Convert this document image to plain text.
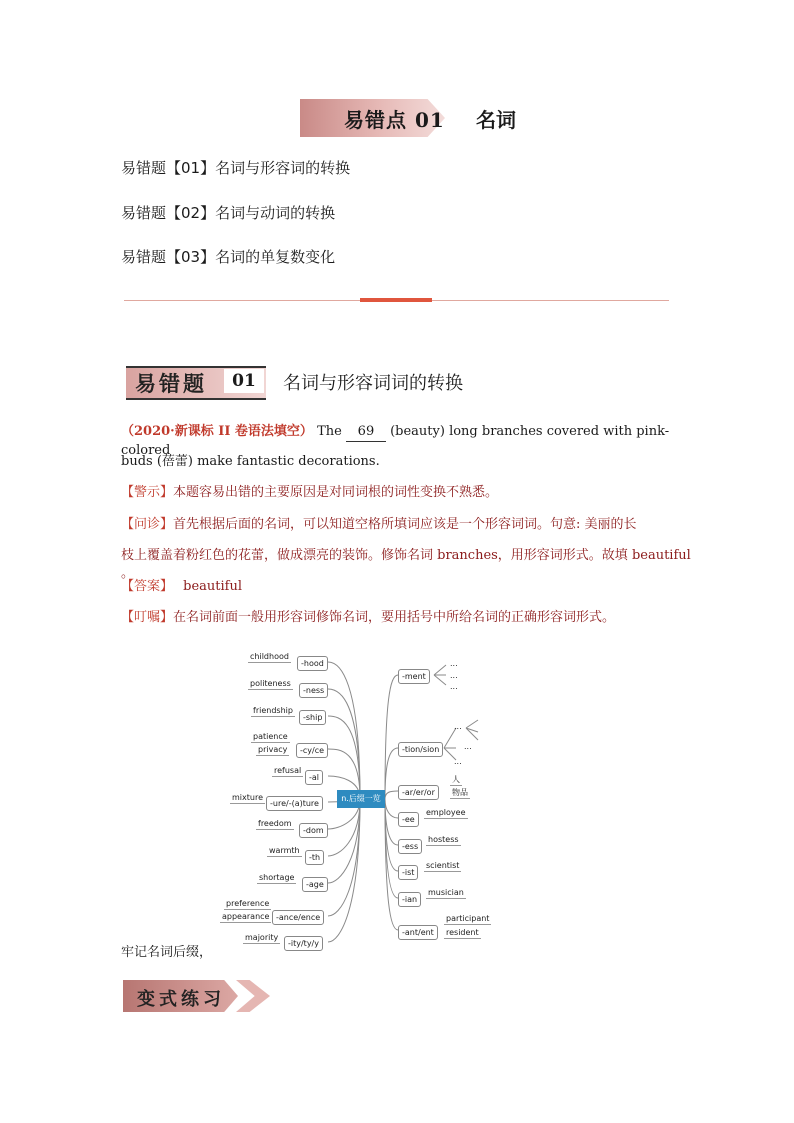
易错点 01 名词
易错题【01】名词与形容词的转换
易错题【02】名词与动词的转换
易错题【03】名词的单复数变化
易错题	01	名词与形容词词的转换
（2020·新课标 II 卷语法填空） The 69 (beauty) long branches covered with pink-colored
buds (蓓蕾) make fantastic decorations.
【警示】本题容易出错的主要原因是对同词根的词性变换不熟悉。
【问诊】首先根据后面的名词，可以知道空格所填词应该是一个形容词词。句意: 美丽的长
枝上覆盖着粉红色的花蕾，做成漂亮的装饰。修饰名词 branches，用形容词形式。故填 beautiful 。
【答案】 beautiful
【叮嘱】在名词前面一般用形容词修饰名词，要用括号中所给名词的正确形容词形式。
n.后缀一览
-hood
childhood
-ness
politeness
-ship
friendship
-cy/ce
patience
privacy
-al
refusal
-ure/-(a)ture
mixture
-dom
freedom
-th
warmth
-age
shortage
-ance/ence
preference
appearance
-ity/ty/y
majority
-ment
...
...
...
-tion/sion
...
...
...
-ar/er/or
人
物品
-ee
employee
-ess
hostess
-ist
scientist
-ian
musician
-ant/ent
participant
resident
牢记名词后缀，
变式练习
